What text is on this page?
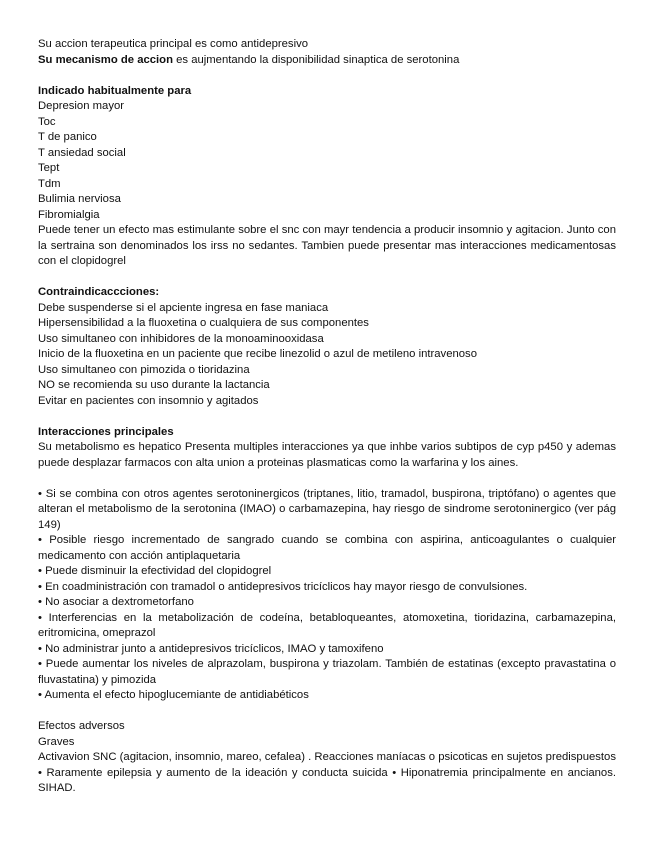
Su accion terapeutica principal es como antidepresivo
Su mecanismo de accion es aujmentando la disponibilidad sinaptica de serotonina
Indicado habitualmente para
Depresion mayor
Toc
T de panico
T ansiedad social
Tept
Tdm
Bulimia nerviosa
Fibromialgia
Puede tener un efecto mas estimulante sobre el snc con mayr tendencia a producir insomnio y agitacion. Junto con la sertraina son denominados los irss no sedantes. Tambien puede presentar mas interacciones medicamentosas con el clopidogrel
Contraindicaccciones:
Debe suspenderse si el apciente ingresa en fase maniaca
Hipersensibilidad a la fluoxetina o cualquiera de sus componentes
Uso simultaneo con inhibidores de la monoaminooxidasa
Inicio de la fluoxetina en un paciente que recibe linezolid o azul de metileno intravenoso
Uso simultaneo con pimozida o tioridazina
NO se recomienda su uso durante la lactancia
Evitar en pacientes con insomnio y agitados
Interacciones principales
Su metabolismo es hepatico Presenta multiples interacciones ya que inhbe varios subtipos de cyp p450 y ademas puede desplazar farmacos con alta union a proteinas plasmaticas como la warfarina y los aines.
• Si se combina con otros agentes serotoninergicos (triptanes, litio, tramadol, buspirona, triptófano) o agentes que alteran el metabolismo de la serotonina (IMAO) o carbamazepina, hay riesgo de sindrome serotoninergico (ver pág 149)
• Posible riesgo incrementado de sangrado cuando se combina con aspirina, anticoagulantes o cualquier medicamento con acción antiplaquetaria
• Puede disminuir la efectividad del clopidogrel
• En coadministración con tramadol o antidepresivos tricíclicos hay mayor riesgo de convulsiones.
• No asociar a dextrometorfano
• Interferencias en la metabolización de codeína, betabloqueantes, atomoxetina, tioridazina, carbamazepina, eritromicina, omeprazol
• No administrar junto a antidepresivos tricíclicos, IMAO y tamoxifeno
• Puede aumentar los niveles de alprazolam, buspirona y triazolam. También de estatinas (excepto pravastatina o fluvastatina) y pimozida
• Aumenta el efecto hipoglucemiante de antidiabéticos
Efectos adversos
Graves
Activavion SNC (agitacion, insomnio, mareo, cefalea) . Reacciones maníacas o psicoticas en sujetos predispuestos • Raramente epilepsia y aumento de la ideación y conducta suicida • Hiponatremia principalmente en ancianos. SIHAD.
